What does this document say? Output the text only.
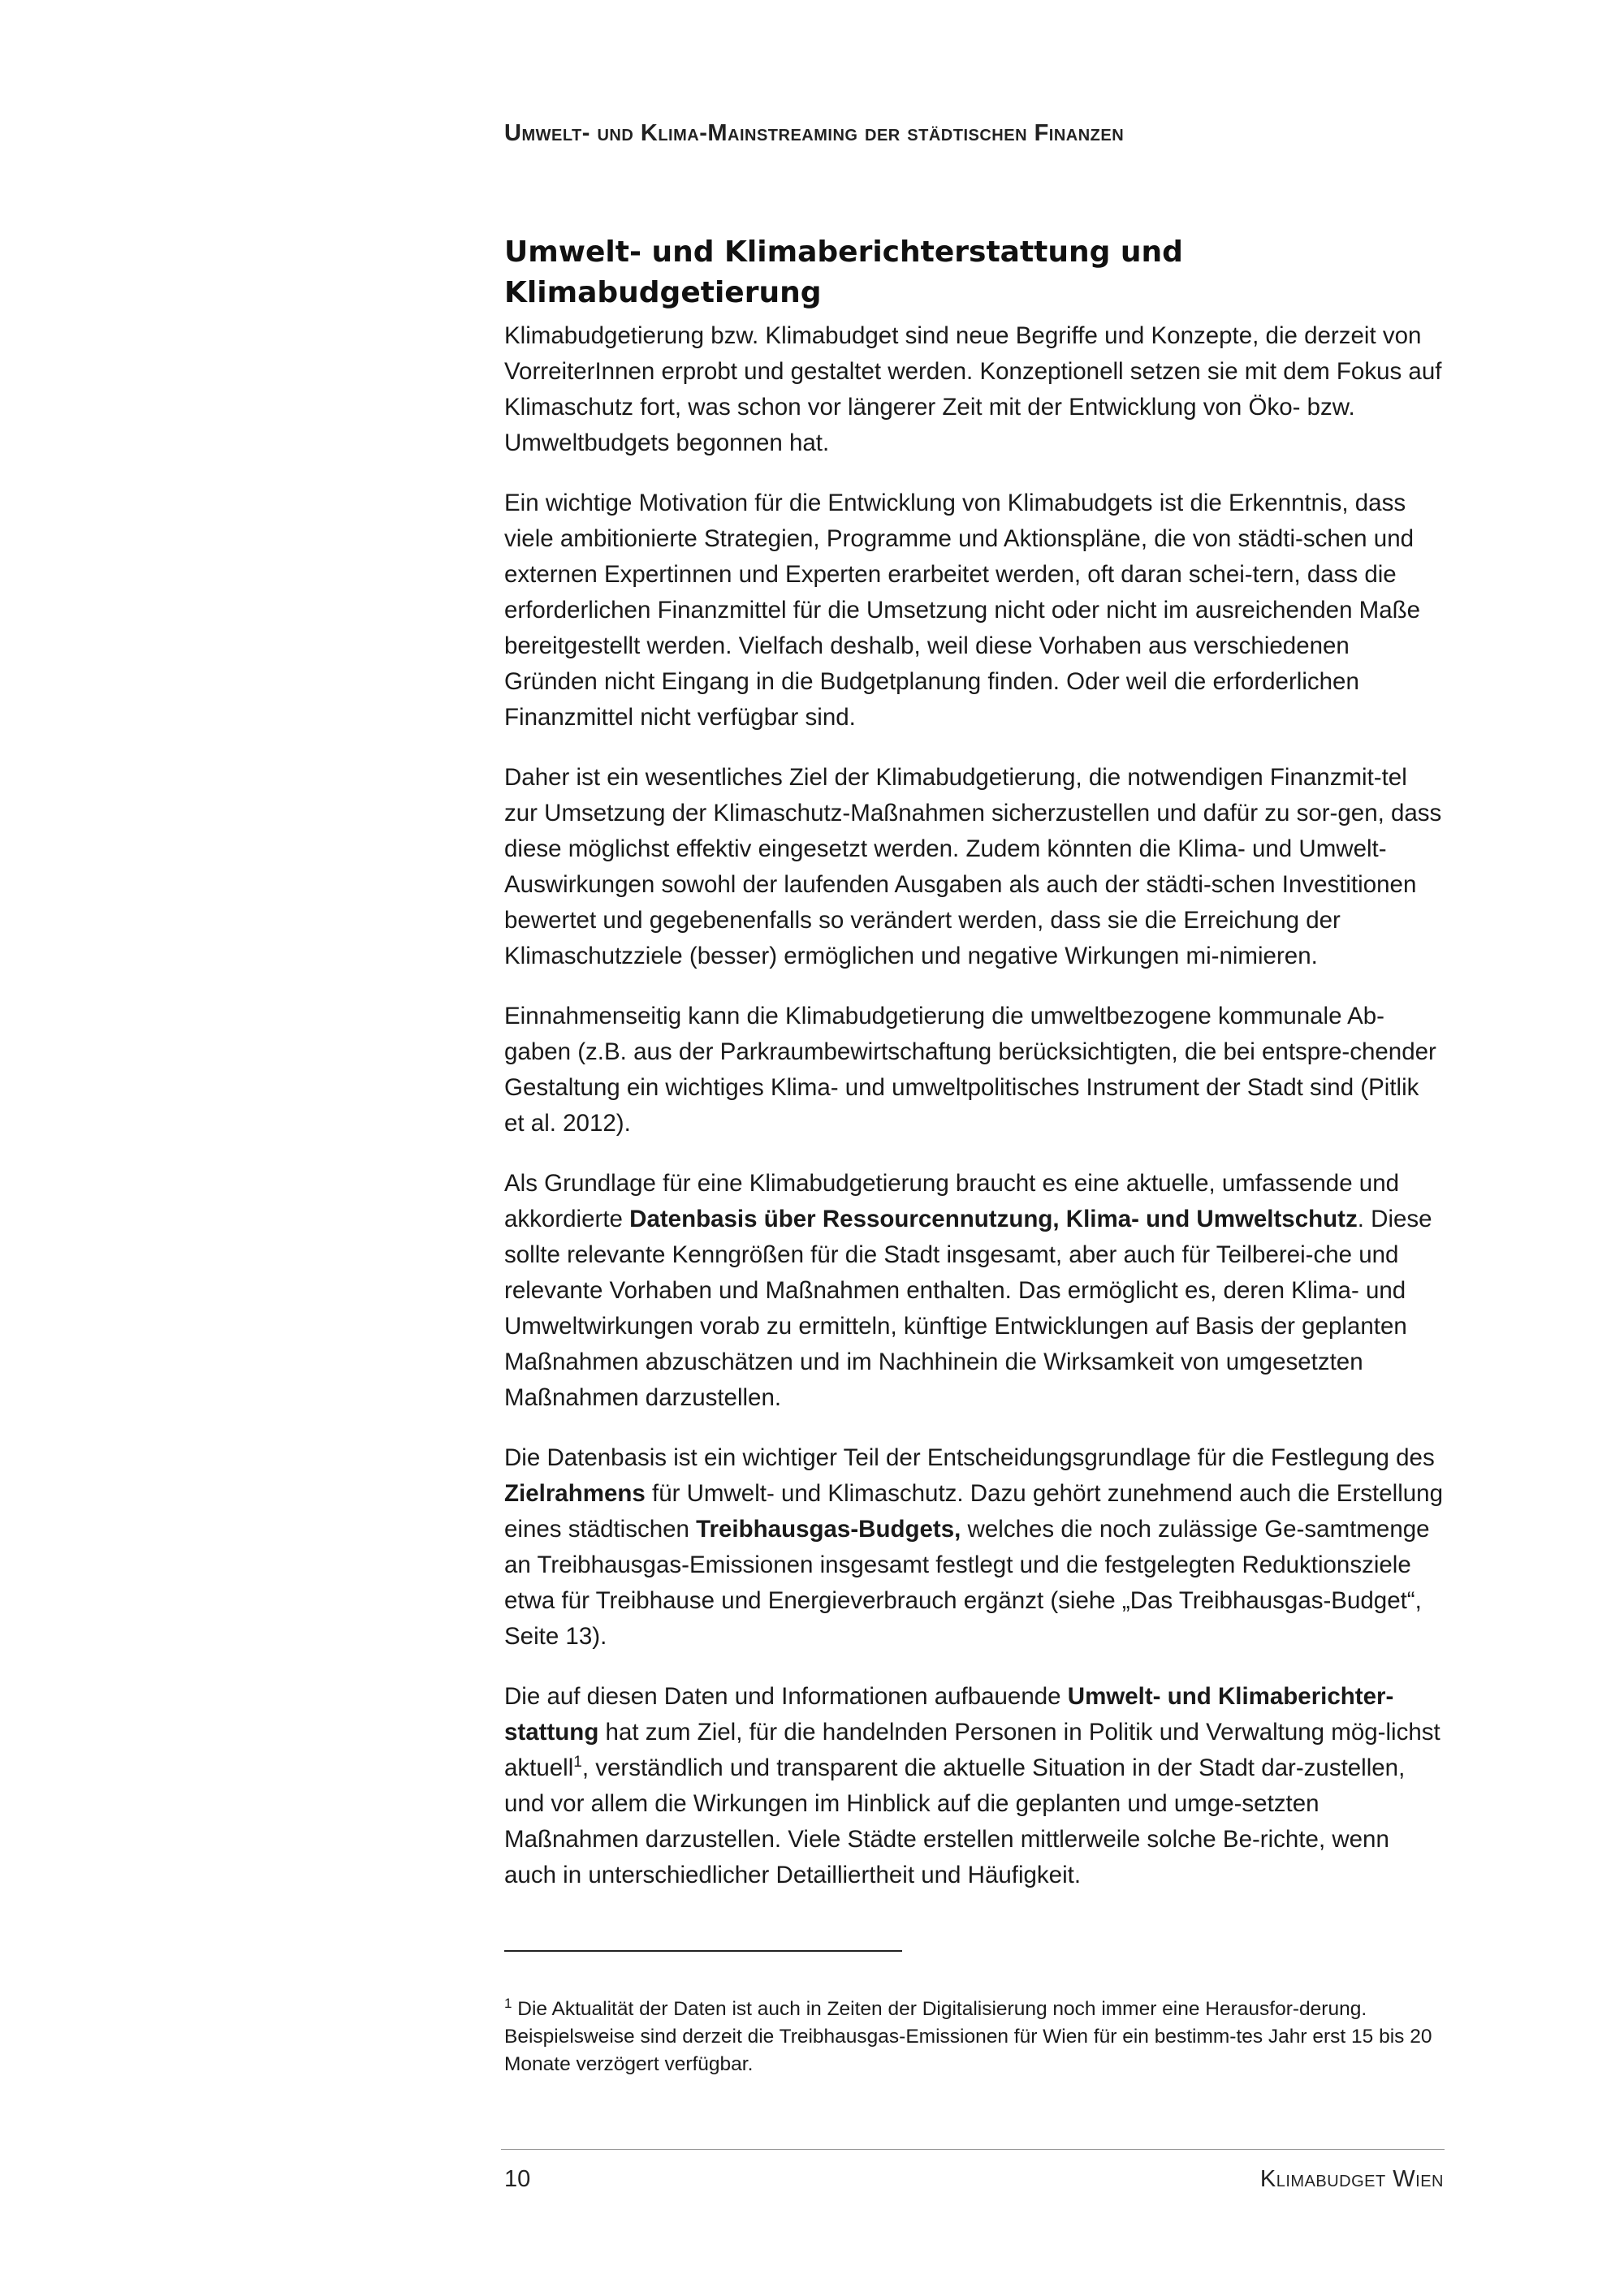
Umwelt- und Klima-Mainstreaming der städtischen Finanzen
Umwelt- und Klimaberichterstattung und Klimabudgetierung

Klimabudgetierung bzw. Klimabudget sind neue Begriffe und Konzepte, die derzeit von VorreiterInnen erprobt und gestaltet werden. Konzeptionell setzen sie mit dem Fokus auf Klimaschutz fort, was schon vor längerer Zeit mit der Entwicklung von Öko- bzw. Umweltbudgets begonnen hat.

Ein wichtige Motivation für die Entwicklung von Klimabudgets ist die Erkenntnis, dass viele ambitionierte Strategien, Programme und Aktionspläne, die von städti-schen und externen Expertinnen und Experten erarbeitet werden, oft daran schei-tern, dass die erforderlichen Finanzmittel für die Umsetzung nicht oder nicht im ausreichenden Maße bereitgestellt werden. Vielfach deshalb, weil diese Vorhaben aus verschiedenen Gründen nicht Eingang in die Budgetplanung finden. Oder weil die erforderlichen Finanzmittel nicht verfügbar sind.

Daher ist ein wesentliches Ziel der Klimabudgetierung, die notwendigen Finanzmit-tel zur Umsetzung der Klimaschutz-Maßnahmen sicherzustellen und dafür zu sor-gen, dass diese möglichst effektiv eingesetzt werden. Zudem könnten die Klima- und Umwelt-Auswirkungen sowohl der laufenden Ausgaben als auch der städti-schen Investitionen bewertet und gegebenenfalls so verändert werden, dass sie die Erreichung der Klimaschutzziele (besser) ermöglichen und negative Wirkungen mi-nimieren.

Einnahmenseitig kann die Klimabudgetierung die umweltbezogene kommunale Ab-gaben (z.B. aus der Parkraumbewirtschaftung berücksichtigten, die bei entspre-chender Gestaltung ein wichtiges Klima- und umweltpolitisches Instrument der Stadt sind (Pitlik et al. 2012).

Als Grundlage für eine Klimabudgetierung braucht es eine aktuelle, umfassende und akkordierte Datenbasis über Ressourcennutzung, Klima- und Umweltschutz. Diese sollte relevante Kenngrößen für die Stadt insgesamt, aber auch für Teilberei-che und relevante Vorhaben und Maßnahmen enthalten. Das ermöglicht es, deren Klima- und Umweltwirkungen vorab zu ermitteln, künftige Entwicklungen auf Basis der geplanten Maßnahmen abzuschätzen und im Nachhinein die Wirksamkeit von umgesetzten Maßnahmen darzustellen.

Die Datenbasis ist ein wichtiger Teil der Entscheidungsgrundlage für die Festlegung des Zielrahmens für Umwelt- und Klimaschutz. Dazu gehört zunehmend auch die Erstellung eines städtischen Treibhausgas-Budgets, welches die noch zulässige Ge-samtmenge an Treibhausgas-Emissionen insgesamt festlegt und die festgelegten Reduktionsziele etwa für Treibhause und Energieverbrauch ergänzt (siehe „Das Treibhausgas-Budget“, Seite 13).

Die auf diesen Daten und Informationen aufbauende Umwelt- und Klimaberichter-stattung hat zum Ziel, für die handelnden Personen in Politik und Verwaltung mög-lichst aktuell$^1$, verständlich und transparent die aktuelle Situation in der Stadt dar-zustellen, und vor allem die Wirkungen im Hinblick auf die geplanten und umge-setzten Maßnahmen darzustellen. Viele Städte erstellen mittlerweile solche Be-richte, wenn auch in unterschiedlicher Detailliertheit und Häufigkeit.

$^1$ Die Aktualität der Daten ist auch in Zeiten der Digitalisierung noch immer eine Herausfor-derung. Beispielsweise sind derzeit die Treibhausgas-Emissionen für Wien für ein bestimm-tes Jahr erst 15 bis 20 Monate verzögert verfügbar.
10	Klimabudget Wien
